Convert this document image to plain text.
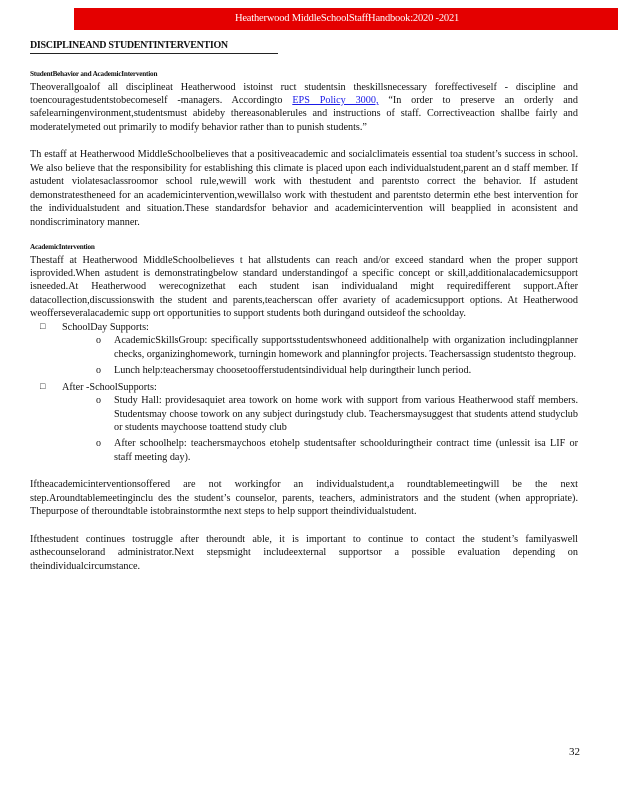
Heatherwood MiddleSchoolStaffHandbook:2020 -2021
DISCIPLINEAND STUDENTINTERVENTION
StudentBehavior and AcademicIntervention

Theoverallgoalof all disciplineat Heatherwood istoinst ruct studentsin theskillsnecessary foreffectiveself - discipline and toencouragestudentstobecomeself -managers. Accordingto EPS Policy 3000, “In order to preserve an orderly and safelearningenvironment,studentsmust abideby thereasonablerules and instructions of staff. Correctiveaction shallbe fairly and moderatelymeted out primarily to modify behavior rather than to punish students.”

Th estaff at Heatherwood MiddleSchoolbelieves that a positiveacademic and socialclimateis essential toa student’s success in school. We also believe that the responsibility for establishing this climate is placed upon each individualstudent,parent an d staff member. If astudent violatesaclassroomor school rule,wewill work with thestudent and parentsto correct the behavior. If astudent demonstratestheneed for an academicintervention,wewillalso work with thestudent and parentsto determin ethe best intervention for the individualstudent and situation.These standardsfor behavior and academicintervention will beapplied in aconsistent and nondiscriminatory manner.

AcademicIntervention

Thestaff at Heatherwood MiddleSchoolbelieves t hat allstudents can reach and/or exceed standard when the proper support isprovided.When astudent is demonstratingbelow standard understandingof a specific concept or skill,additionalacademicsupport isneeded.At Heatherwood werecognizethat each student isan individualand might requiredifferent support.After datacollection,discussionswith the student and parents,teacherscan offer avariety of academicsupport options. At Heatherwood weofferseveralacademic supp ort opportunities to support students both duringand outsideof the schoolday.

□ SchoolDay Supports:
o AcademicSkillsGroup: specifically supportsstudentswhoneed additionalhelp with organization includingplanner checks, organizinghomework, turningin homework and planningfor projects. Teachersassign studentsto thegroup.
o Lunch help:teachersmay choosetoofferstudentsindividual help duringtheir lunch period.
□ After -SchoolSupports:
o Study Hall: providesaquiet area towork on home work with support from various Heatherwood staff members. Studentsmay choose towork on any subject duringstudy club. Teachersmaysuggest that students attend studyclub or students maychoose toattend study club
o After schoolhelp: teachersmaychoos etohelp studentsafter schoolduringtheir contract time (unlessit isa LIF or staff meeting day).

Iftheacademicinterventionsoffered are not workingfor an individualstudent,a roundtablemeetingwill be the next step.Aroundtablemeetinginclu des the student’s counselor, parents, teachers, administrators and the student (when appropriate). Thepurpose of theroundtable istobrainstormthe next steps to help support theindividualstudent.

Ifthestudent continues tostruggle after theroundt able, it is important to continue to contact the student’s familyaswell asthecounselorand administrator.Next stepsmight includeexternal supportsor a possible evaluation depending on theindividualcircumstance.

32
